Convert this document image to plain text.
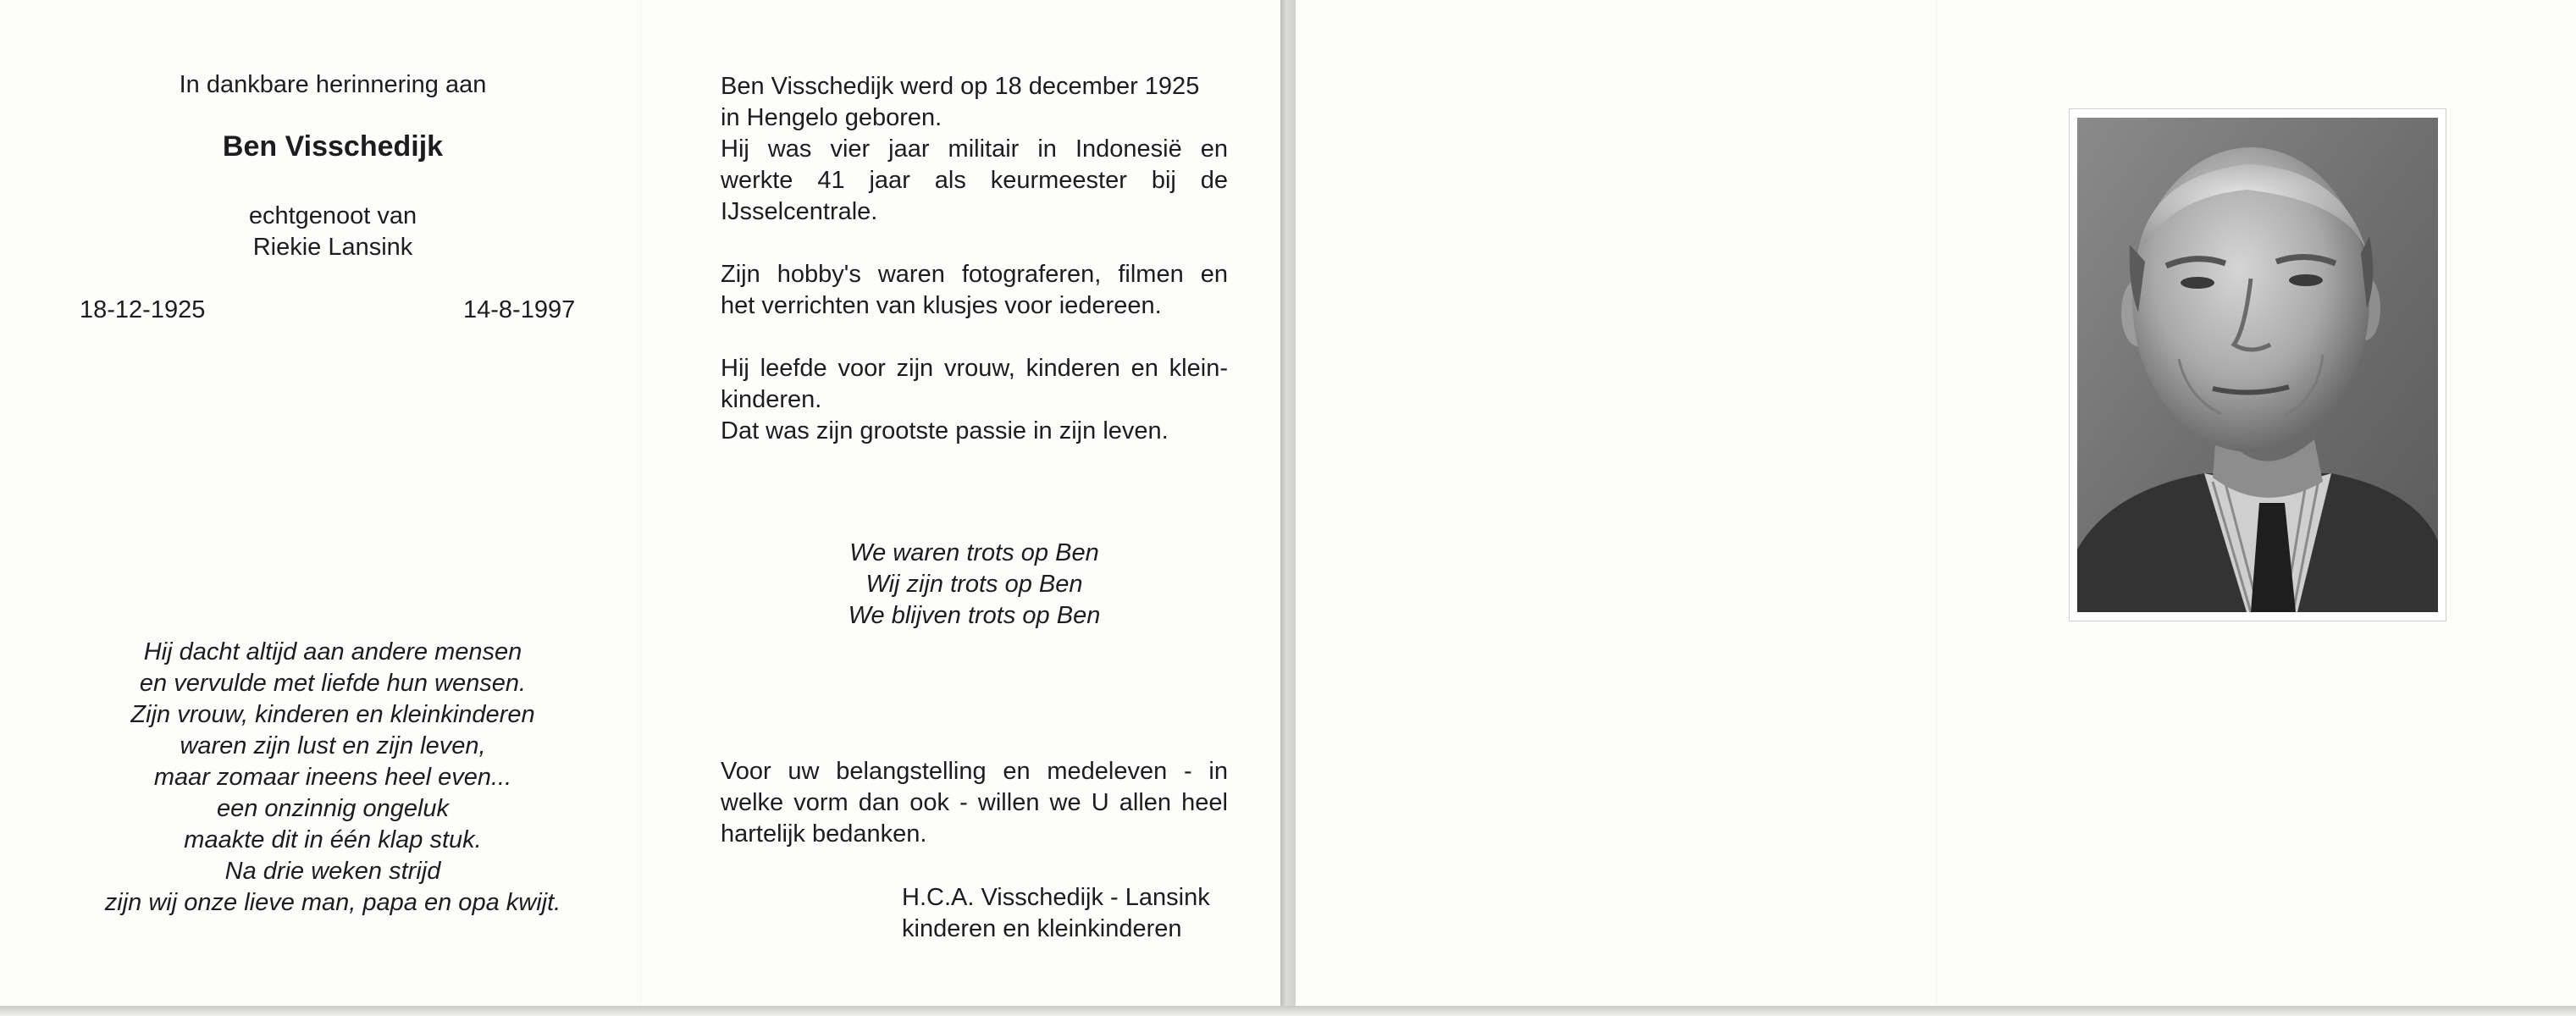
In dankbare herinnering aan
Ben Visschedijk
echtgenoot van
Riekie Lansink
18-12-1925	14-8-1997
Hij dacht altijd aan andere mensen
en vervulde met liefde hun wensen.
Zijn vrouw, kinderen en kleinkinderen
waren zijn lust en zijn leven,
maar zomaar ineens heel even...
een onzinnig ongeluk
maakte dit in één klap stuk.
Na drie weken strijd
zijn wij onze lieve man, papa en opa kwijt.
Ben Visschedijk werd op 18 december 1925
in Hengelo geboren.
Hij was vier jaar militair in Indonesië en
werkte 41 jaar als keurmeester bij de
IJsselcentrale.
Zijn hobby's waren fotograferen, filmen en
het verrichten van klusjes voor iedereen.
Hij leefde voor zijn vrouw, kinderen en klein-
kinderen.
Dat was zijn grootste passie in zijn leven.
We waren trots op Ben
Wij zijn trots op Ben
We blijven trots op Ben
Voor uw belangstelling en medeleven - in
welke vorm dan ook - willen we U allen heel
hartelijk bedanken.
H.C.A. Visschedijk - Lansink
kinderen en kleinkinderen
